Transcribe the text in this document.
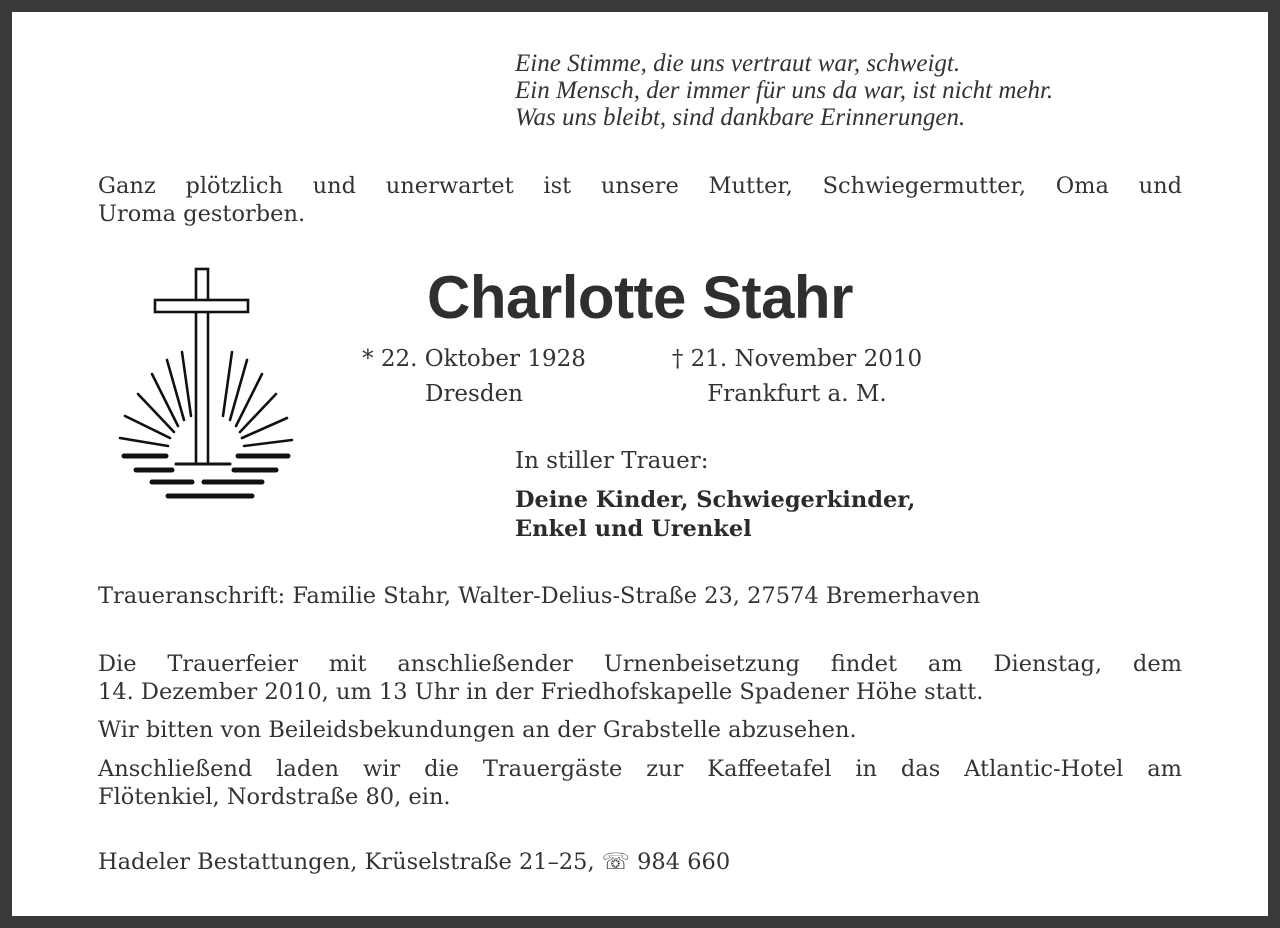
Eine Stimme, die uns vertraut war, schweigt.
Ein Mensch, der immer für uns da war, ist nicht mehr.
Was uns bleibt, sind dankbare Erinnerungen.
Ganz plötzlich und unerwartet ist unsere Mutter, Schwiegermutter, Oma und
Uroma gestorben.
Charlotte Stahr
* 22. Oktober 1928
Dresden
† 21. November 2010
Frankfurt a. M.
In stiller Trauer:
Deine Kinder, Schwiegerkinder,
Enkel und Urenkel
Traueranschrift: Familie Stahr, Walter-Delius-Straße 23, 27574 Bremerhaven
Die Trauerfeier mit anschließender Urnenbeisetzung findet am Dienstag, dem
14. Dezember 2010, um 13 Uhr in der Friedhofskapelle Spadener Höhe statt.
Wir bitten von Beileidsbekundungen an der Grabstelle abzusehen.
Anschließend laden wir die Trauergäste zur Kaffeetafel in das Atlantic-Hotel am
Flötenkiel, Nordstraße 80, ein.
Hadeler Bestattungen, Krüselstraße 21–25, ☏ 984 660
